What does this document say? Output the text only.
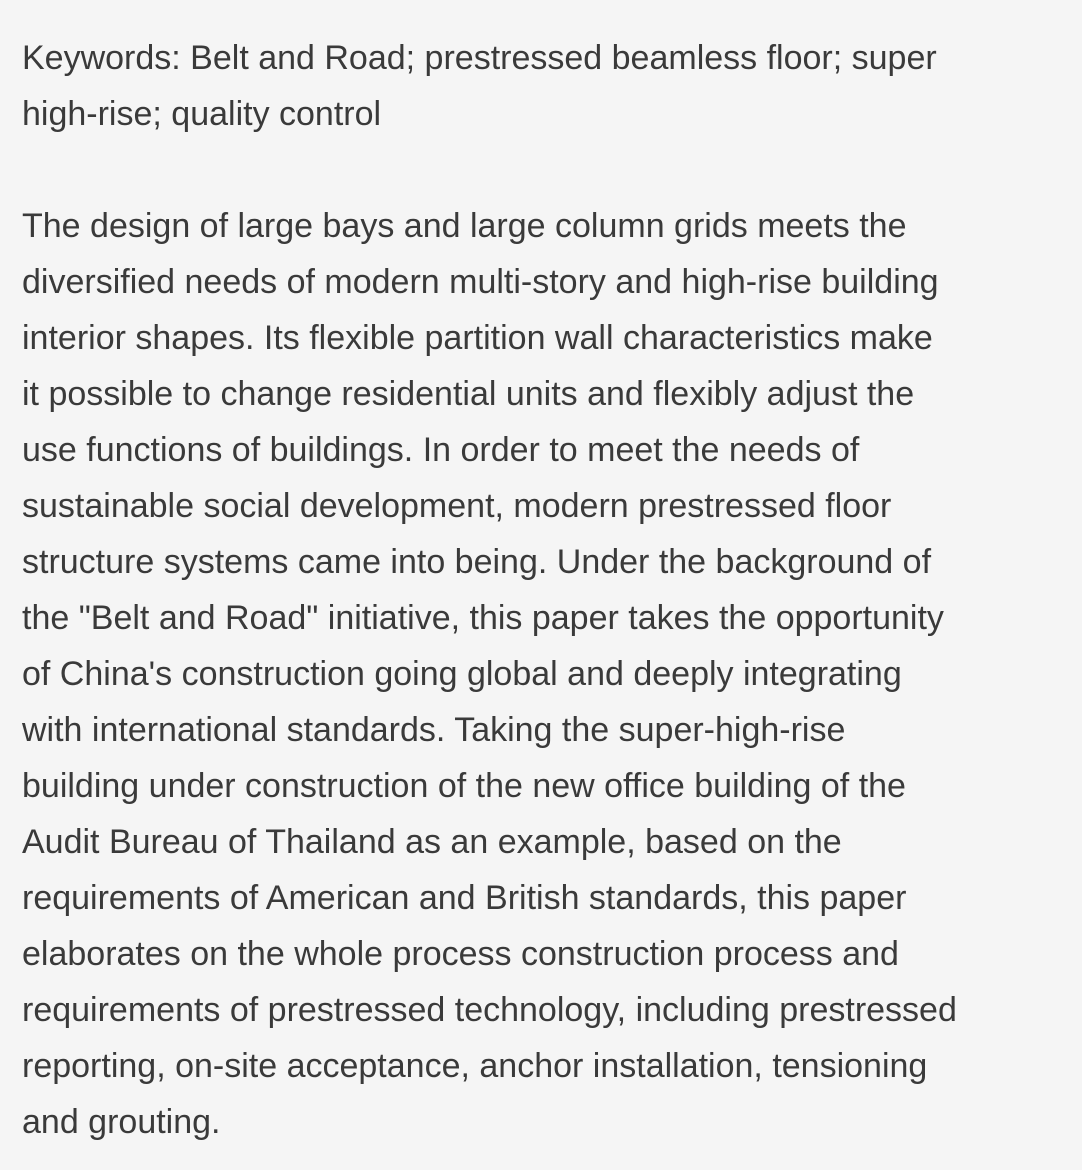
Keywords: Belt and Road; prestressed beamless floor; super
high-rise; quality control
The design of large bays and large column grids meets the
diversified needs of modern multi-story and high-rise building
interior shapes. Its flexible partition wall characteristics make
it possible to change residential units and flexibly adjust the
use functions of buildings. In order to meet the needs of
sustainable social development, modern prestressed floor
structure systems came into being. Under the background of
the "Belt and Road" initiative, this paper takes the opportunity
of China's construction going global and deeply integrating
with international standards. Taking the super-high-rise
building under construction of the new office building of the
Audit Bureau of Thailand as an example, based on the
requirements of American and British standards, this paper
elaborates on the whole process construction process and
requirements of prestressed technology, including prestressed
reporting, on-site acceptance, anchor installation, tensioning
and grouting.
